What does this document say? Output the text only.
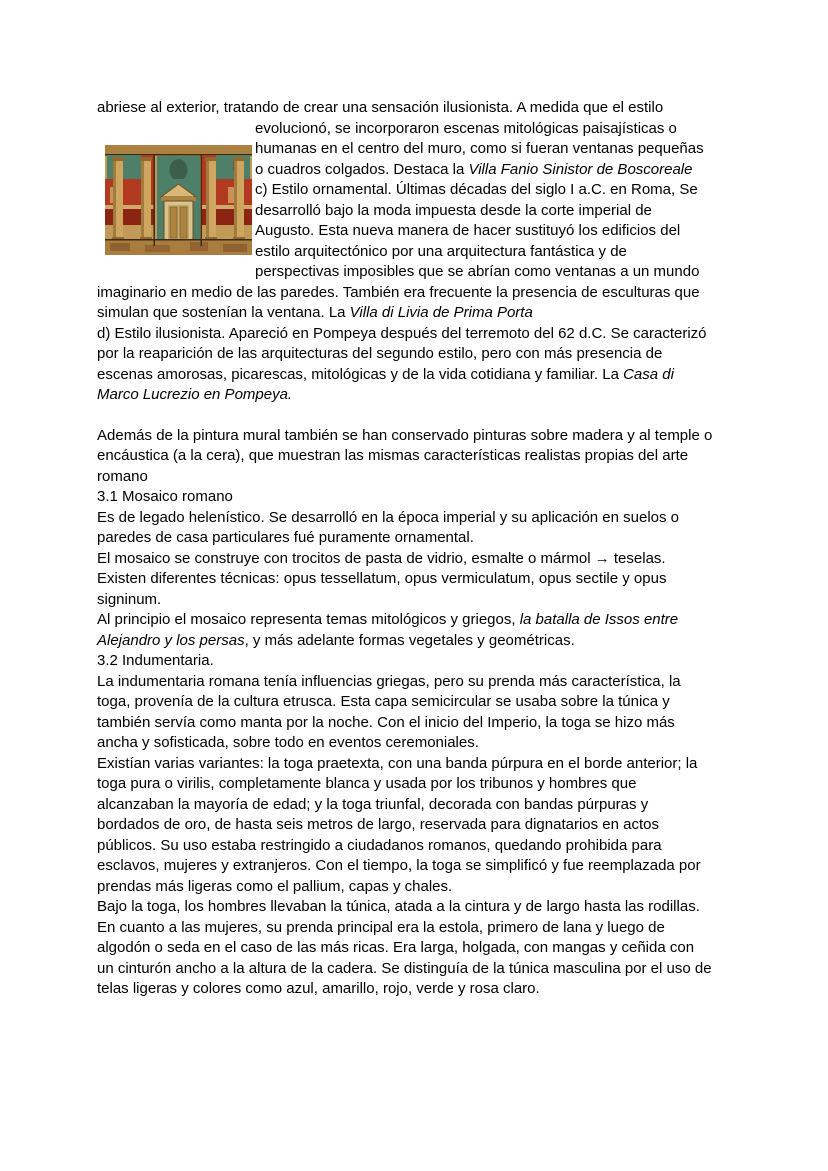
abriese al exterior, tratando de crear una sensación ilusionista. A medida que el estilo
evolucionó, se incorporaron escenas mitológicas paisajísticas o
humanas en el centro del muro, como si fueran ventanas pequeñas
o cuadros colgados. Destaca la Villa Fanio Sinistor de Boscoreale
c) Estilo ornamental. Últimas décadas del siglo I a.C. en Roma, Se
desarrolló bajo la moda impuesta desde la corte imperial de
Augusto. Esta nueva manera de hacer sustituyó los edificios del
estilo arquitectónico por una arquitectura fantástica y de
perspectivas imposibles que se abrían como ventanas a un mundo
imaginario en medio de las paredes. También era frecuente la presencia de esculturas que
simulan que sostenían la ventana. La Villa di Livia de Prima Porta
d) Estilo ilusionista. Apareció en Pompeya después del terremoto del 62 d.C. Se caracterizó
por la reaparición de las arquitecturas del segundo estilo, pero con más presencia de
escenas amorosas, picarescas, mitológicas y de la vida cotidiana y familiar. La Casa di
Marco Lucrezio en Pompeya.
Además de la pintura mural también se han conservado pinturas sobre madera y al temple o
encáustica (a la cera), que muestran las mismas características realistas propias del arte
romano
3.1 Mosaico romano
Es de legado helenístico. Se desarrolló en la época imperial y su aplicación en suelos o
paredes de casa particulares fué puramente ornamental.
El mosaico se construye con trocitos de pasta de vidrio, esmalte o mármol → teselas.
Existen diferentes técnicas: opus tessellatum, opus vermiculatum, opus sectile y opus
signinum.
Al principio el mosaico representa temas mitológicos y griegos, la batalla de Issos entre
Alejandro y los persas, y más adelante formas vegetales y geométricas.
3.2 Indumentaria.
La indumentaria romana tenía influencias griegas, pero su prenda más característica, la
toga, provenía de la cultura etrusca. Esta capa semicircular se usaba sobre la túnica y
también servía como manta por la noche. Con el inicio del Imperio, la toga se hizo más
ancha y sofisticada, sobre todo en eventos ceremoniales.
Existían varias variantes: la toga praetexta, con una banda púrpura en el borde anterior; la
toga pura o virilis, completamente blanca y usada por los tribunos y hombres que
alcanzaban la mayoría de edad; y la toga triunfal, decorada con bandas púrpuras y
bordados de oro, de hasta seis metros de largo, reservada para dignatarios en actos
públicos. Su uso estaba restringido a ciudadanos romanos, quedando prohibida para
esclavos, mujeres y extranjeros. Con el tiempo, la toga se simplificó y fue reemplazada por
prendas más ligeras como el pallium, capas y chales.
Bajo la toga, los hombres llevaban la túnica, atada a la cintura y de largo hasta las rodillas.
En cuanto a las mujeres, su prenda principal era la estola, primero de lana y luego de
algodón o seda en el caso de las más ricas. Era larga, holgada, con mangas y ceñida con
un cinturón ancho a la altura de la cadera. Se distinguía de la túnica masculina por el uso de
telas ligeras y colores como azul, amarillo, rojo, verde y rosa claro.
